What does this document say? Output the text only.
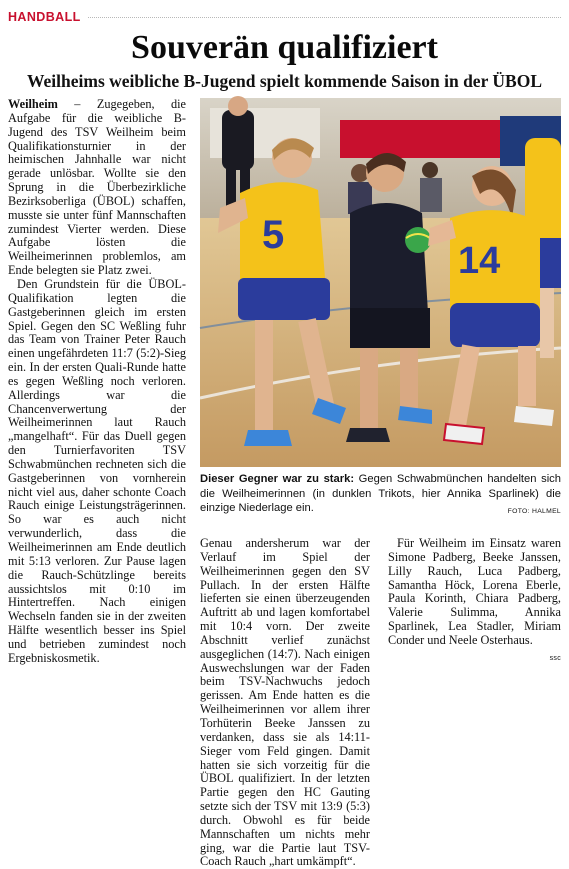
HANDBALL
Souverän qualifiziert
Weilheims weibliche B-Jugend spielt kommende Saison in der ÜBOL

Weilheim – Zugegeben, die Aufgabe für die weibliche B-Jugend des TSV Weilheim beim Qualifikationsturnier in der heimischen Jahnhalle war nicht gerade unlösbar. Wollte sie den Sprung in die Überbezirkliche Bezirksoberliga (ÜBOL) schaffen, musste sie unter fünf Mannschaften zumindest Vierter werden. Diese Aufgabe lösten die Weilheimerinnen problemlos, am Ende belegten sie Platz zwei.

Den Grundstein für die ÜBOL-Qualifikation legten die Gastgeberinnen gleich im ersten Spiel. Gegen den SC Weßling fuhr das Team von Trainer Peter Rauch einen ungefährdeten 11:7 (5:2)-Sieg ein. In der ersten Quali-Runde hatte es gegen Weßling noch verloren. Allerdings war die Chancenverwertung der Weilheimerinnen laut Rauch „mangelhaft“. Für das Duell gegen den Turnierfavoriten TSV Schwabmünchen rechneten sich die Gastgeberinnen von vornherein nicht viel aus, daher schonte Coach Rauch einige Leistungsträgerinnen. So war es auch nicht verwunderlich, dass die Weilheimerinnen am Ende deutlich mit 5:13 verloren. Zur Pause lagen die Rauch-Schützlinge bereits aussichtslos mit 0:10 im Hintertreffen. Nach einigen Wechseln fanden sie in der zweiten Hälfte wesentlich besser ins Spiel und betrieben zumindest noch Ergebniskosmetik.

Genau andersherum war der Verlauf im Spiel der Weilheimerinnen gegen den SV Pullach. In der ersten Hälfte lieferten sie einen überzeugenden Auftritt ab und lagen komfortabel mit 10:4 vorn. Der zweite Abschnitt verlief zunächst ausgeglichen (14:7). Nach einigen Auswechslungen war der Faden beim TSV-Nachwuchs jedoch gerissen. Am Ende hatten es die Weilheimerinnen vor allem ihrer Torhüterin Beeke Janssen zu verdanken, dass sie als 14:11-Sieger vom Feld gingen. Damit hatten sie sich vorzeitig für die ÜBOL qualifiziert. In der letzten Partie gegen den HC Gauting setzte sich der TSV mit 13:9 (5:3) durch. Obwohl es für beide Mannschaften um nichts mehr ging, war die Partie laut TSV-Coach Rauch „hart umkämpft“.

Für Weilheim im Einsatz waren Simone Padberg, Beeke Janssen, Lilly Rauch, Luca Padberg, Samantha Höck, Lorena Eberle, Paula Korinth, Chiara Padberg, Valerie Sulimma, Annika Sparlinek, Lea Stadler, Miriam Conder und Neele Osterhaus.

ssc
5
14
Dieser Gegner war zu stark: Gegen Schwabmünchen handelten sich die Weilheimerinnen (in dunklen Trikots, hier Annika Sparlinek) die einzige Niederlage ein.	FOTO: HALMEL
